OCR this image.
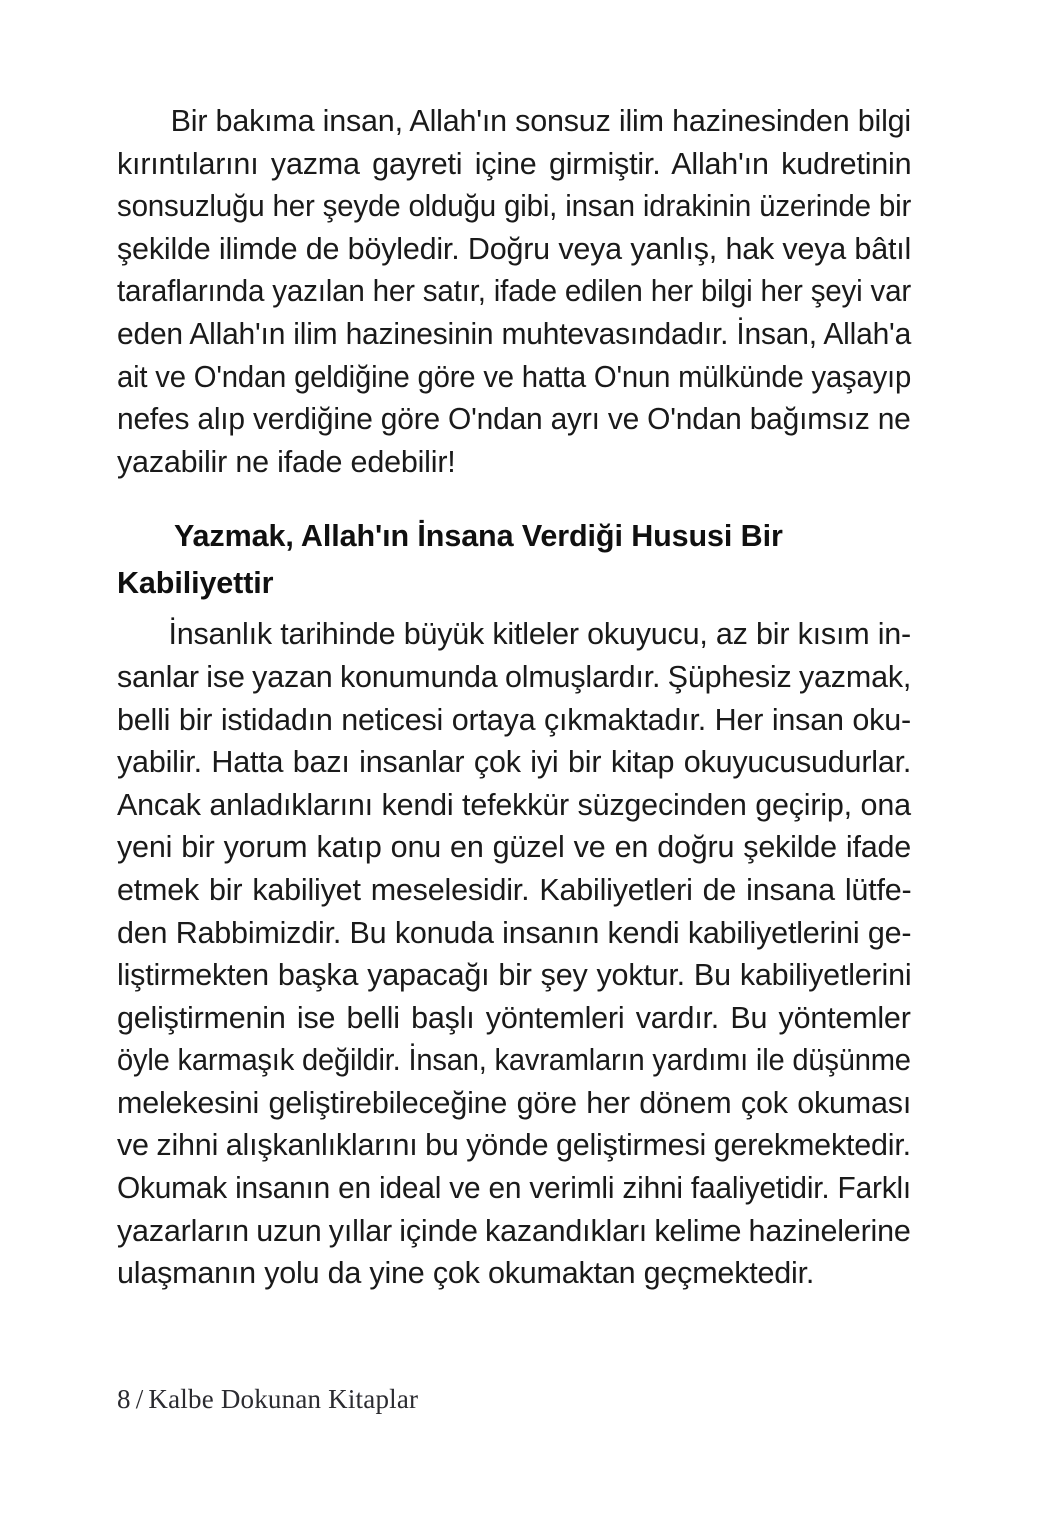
Bir bakıma insan, Allah'ın sonsuz ilim hazinesinden bilgi
kırıntılarını yazma gayreti içine girmiştir. Allah'ın kudretinin
sonsuzluğu her şeyde olduğu gibi, insan idrakinin üzerinde bir
şekilde ilimde de böyledir. Doğru veya yanlış, hak veya bâtıl
taraflarında yazılan her satır, ifade edilen her bilgi her şeyi var
eden Allah'ın ilim hazinesinin muhtevasındadır. İnsan, Allah'a
ait ve O'ndan geldiğine göre ve hatta O'nun mülkünde yaşayıp
nefes alıp verdiğine göre O'ndan ayrı ve O'ndan bağımsız ne
yazabilir ne ifade edebilir!
Yazmak, Allah'ın İnsana Verdiği Hususi Bir
Kabiliyettir
İnsanlık tarihinde büyük kitleler okuyucu, az bir kısım in-
sanlar ise yazan konumunda olmuşlardır. Şüphesiz yazmak,
belli bir istidadın neticesi ortaya çıkmaktadır. Her insan oku-
yabilir. Hatta bazı insanlar çok iyi bir kitap okuyucusudurlar.
Ancak anladıklarını kendi tefekkür süzgecinden geçirip, ona
yeni bir yorum katıp onu en güzel ve en doğru şekilde ifade
etmek bir kabiliyet meselesidir. Kabiliyetleri de insana lütfe-
den Rabbimizdir. Bu konuda insanın kendi kabiliyetlerini ge-
liştirmekten başka yapacağı bir şey yoktur. Bu kabiliyetlerini
geliştirmenin ise belli başlı yöntemleri vardır. Bu yöntemler
öyle karmaşık değildir. İnsan, kavramların yardımı ile düşünme
melekesini geliştirebileceğine göre her dönem çok okuması
ve zihni alışkanlıklarını bu yönde geliştirmesi gerekmektedir.
Okumak insanın en ideal ve en verimli zihni faaliyetidir. Farklı
yazarların uzun yıllar içinde kazandıkları kelime hazinelerine
ulaşmanın yolu da yine çok okumaktan geçmektedir.
8 / Kalbe Dokunan Kitaplar
